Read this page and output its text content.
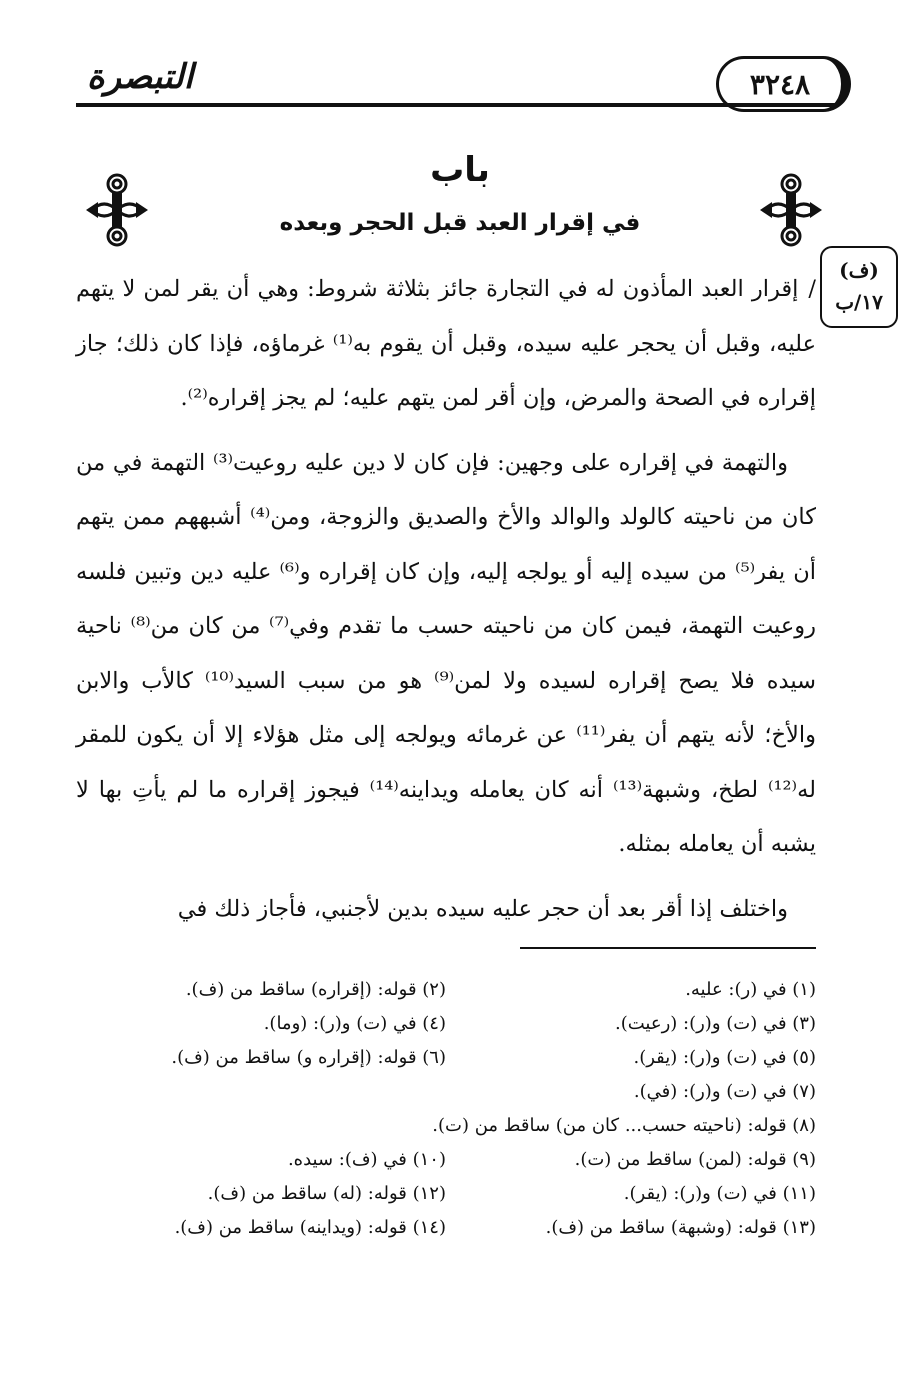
٣٢٤٨
التبصرة
باب
في إقرار العبد قبل الحجر وبعده
(ف)
١٧/ب

/إقرار العبد المأذون له في التجارة جائز بثلاثة شروط: وهي أن يقر لمن لا يتهم عليه، وقبل أن يحجر عليه سيده، وقبل أن يقوم به⁽¹⁾ غرماؤه، فإذا كان ذلك؛ جاز إقراره في الصحة والمرض، وإن أقر لمن يتهم عليه؛ لم يجز إقراره⁽²⁾.

والتهمة في إقراره على وجهين: فإن كان لا دين عليه روعيت⁽³⁾ التهمة في من كان من ناحيته كالولد والوالد والأخ والصديق والزوجة، ومن⁽⁴⁾ أشبههم ممن يتهم أن يفر⁽⁵⁾ من سيده إليه أو يولجه إليه، وإن كان إقراره و⁽⁶⁾ عليه دين وتبين فلسه روعيت التهمة، فيمن كان من ناحيته حسب ما تقدم وفي⁽⁷⁾ من كان من⁽⁸⁾ ناحية سيده فلا يصح إقراره لسيده ولا لمن⁽⁹⁾ هو من سبب السيد⁽¹⁰⁾ كالأب والابن والأخ؛ لأنه يتهم أن يفر⁽¹¹⁾ عن غرمائه ويولجه إلى مثل هؤلاء إلا أن يكون للمقر له⁽¹²⁾ لطخ، وشبهة⁽¹³⁾ أنه كان يعامله ويداينه⁽¹⁴⁾ فيجوز إقراره ما لم يأتِ بها لا يشبه أن يعامله بمثله.

واختلف إذا أقر بعد أن حجر عليه سيده بدين لأجنبي، فأجاز ذلك في

(١) في (ر): عليه.
(٢) قوله: (إقراره) ساقط من (ف).
(٣) في (ت) و(ر): (رعيت).
(٤) في (ت) و(ر): (وما).
(٥) في (ت) و(ر): (يقر).
(٦) قوله: (إقراره و) ساقط من (ف).
(٧) في (ت) و(ر): (في).
(٨) قوله: (ناحيته حسب... كان من) ساقط من (ت).
(٩) قوله: (لمن) ساقط من (ت).
(١٠) في (ف): سيده.
(١١) في (ت) و(ر): (يقر).
(١٢) قوله: (له) ساقط من (ف).
(١٣) قوله: (وشبهة) ساقط من (ف).
(١٤) قوله: (ويداينه) ساقط من (ف).
